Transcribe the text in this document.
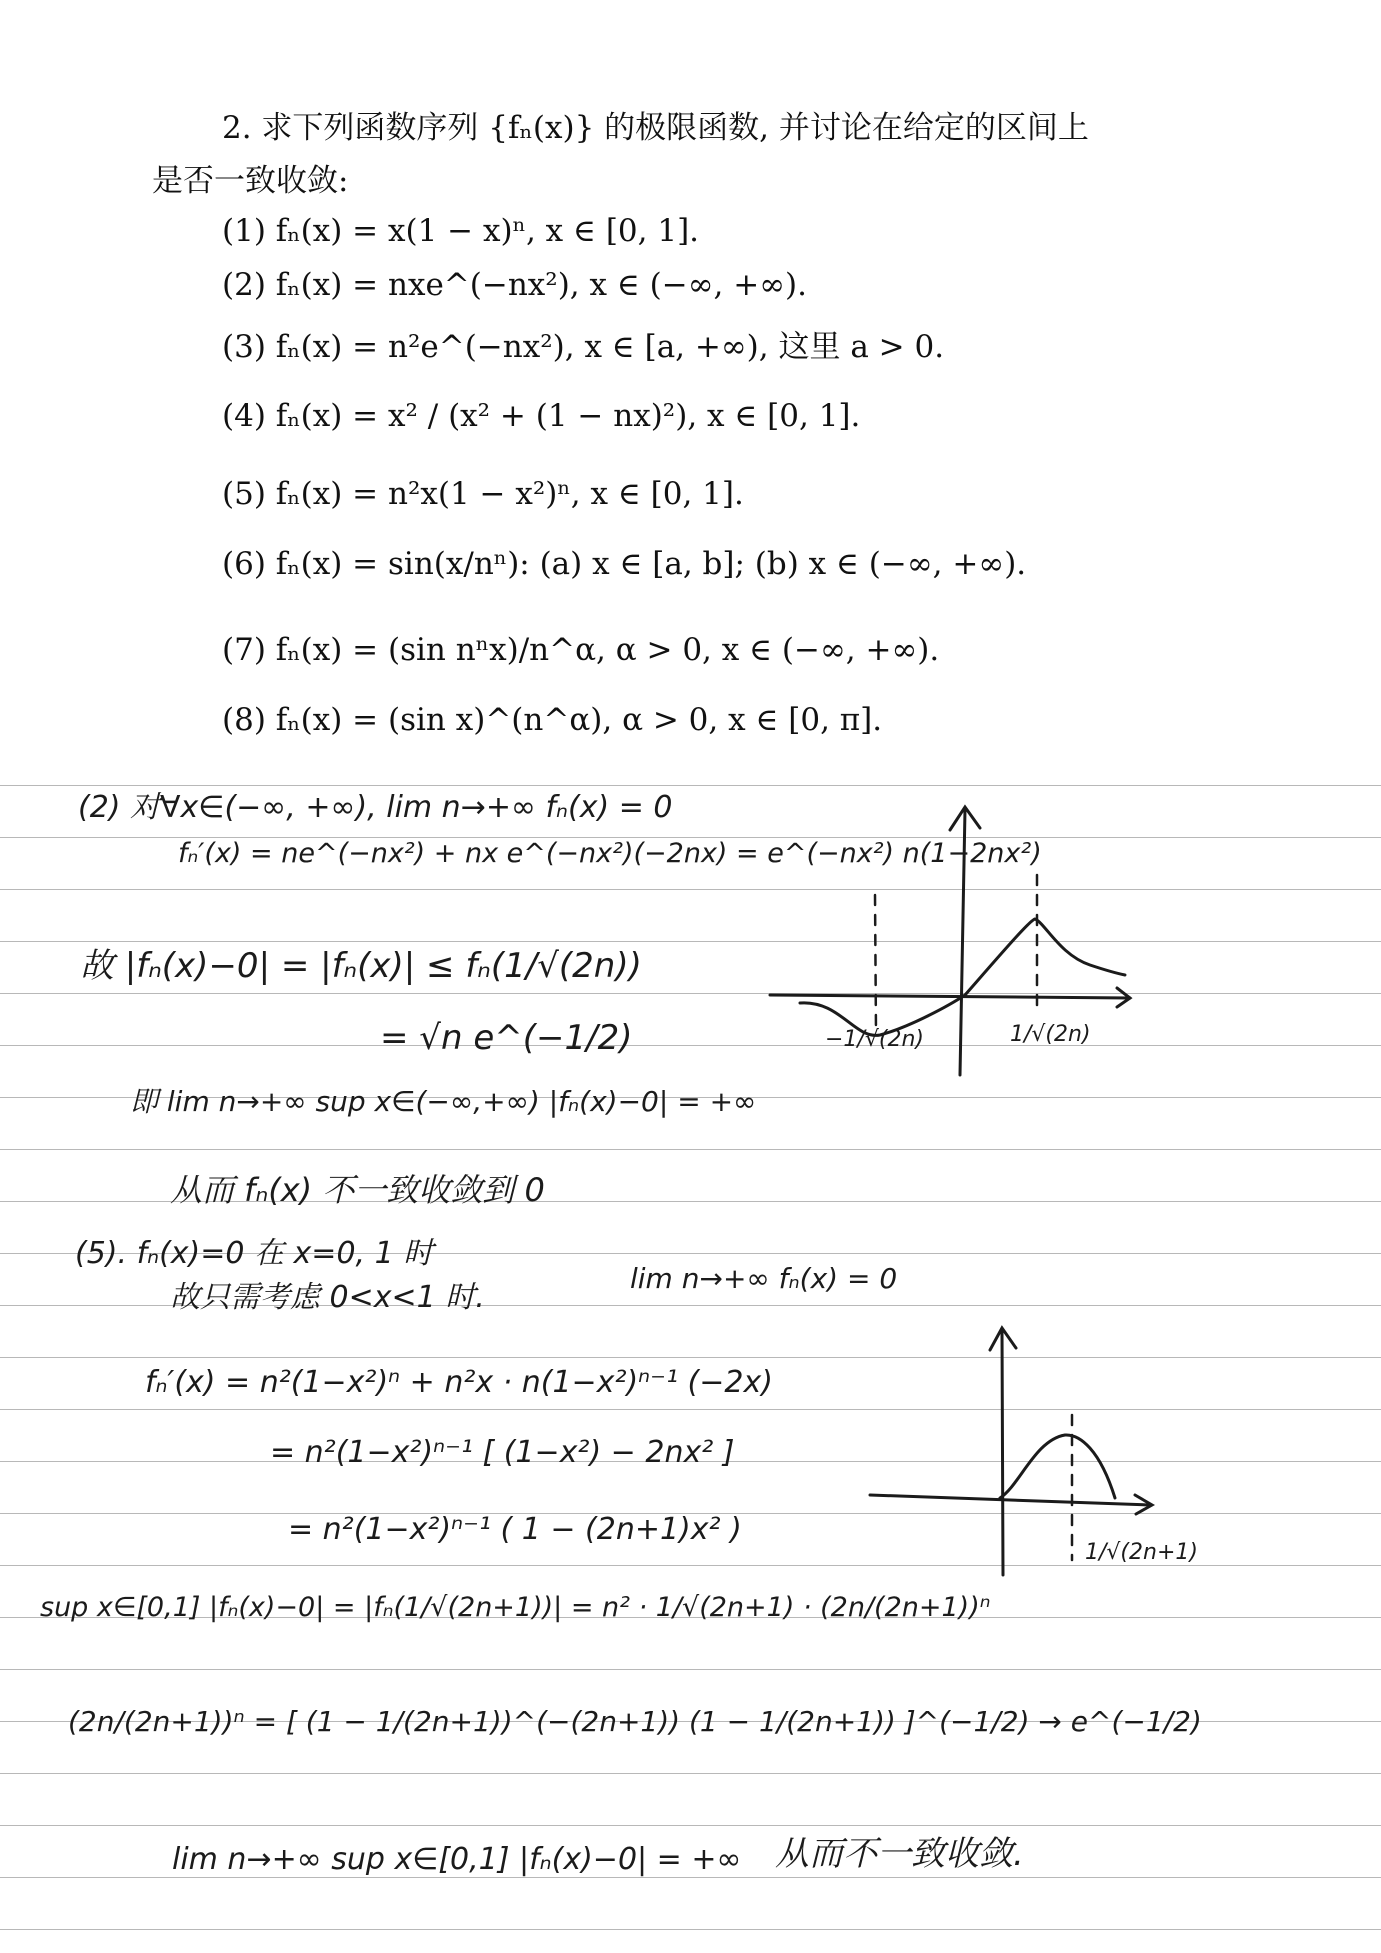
2. 求下列函数序列 {fₙ(x)} 的极限函数, 并讨论在给定的区间上
是否一致收敛:
(1) fₙ(x) = x(1 − x)ⁿ, x ∈ [0, 1].
(2) fₙ(x) = nxe^(−nx²), x ∈ (−∞, +∞).
(3) fₙ(x) = n²e^(−nx²), x ∈ [a, +∞), 这里 a > 0.
(4) fₙ(x) = x² / (x² + (1 − nx)²), x ∈ [0, 1].
(5) fₙ(x) = n²x(1 − x²)ⁿ, x ∈ [0, 1].
(6) fₙ(x) = sin(x/nⁿ): (a) x ∈ [a, b]; (b) x ∈ (−∞, +∞).
(7) fₙ(x) = (sin nⁿx)/n^α, α > 0, x ∈ (−∞, +∞).
(8) fₙ(x) = (sin x)^(n^α), α > 0, x ∈ [0, π].
(2) 对∀x∈(−∞, +∞), lim n→+∞ fₙ(x) = 0
fₙ′(x) = ne^(−nx²) + nx e^(−nx²)(−2nx) = e^(−nx²) n(1−2nx²)
故 |fₙ(x)−0| = |fₙ(x)| ≤ fₙ(1/√(2n))
= √n e^(−1/2)
即 lim n→+∞ sup x∈(−∞,+∞) |fₙ(x)−0| = +∞
从而 fₙ(x) 不一致收敛到 0
−1/√(2n)	1/√(2n)
(5). fₙ(x)=0 在 x=0, 1 时
故只需考虑 0<x<1 时.
lim n→+∞ fₙ(x) = 0
fₙ′(x) = n²(1−x²)ⁿ + n²x · n(1−x²)ⁿ⁻¹ (−2x)
= n²(1−x²)ⁿ⁻¹ [ (1−x²) − 2nx² ]
= n²(1−x²)ⁿ⁻¹ ( 1 − (2n+1)x² )
sup x∈[0,1] |fₙ(x)−0| = |fₙ(1/√(2n+1))| = n² · 1/√(2n+1) · (2n/(2n+1))ⁿ
(2n/(2n+1))ⁿ = [ (1 − 1/(2n+1))^(−(2n+1)) (1 − 1/(2n+1)) ]^(−1/2) → e^(−1/2)
lim n→+∞ sup x∈[0,1] |fₙ(x)−0| = +∞ 从而不一致收敛.
1/√(2n+1)
